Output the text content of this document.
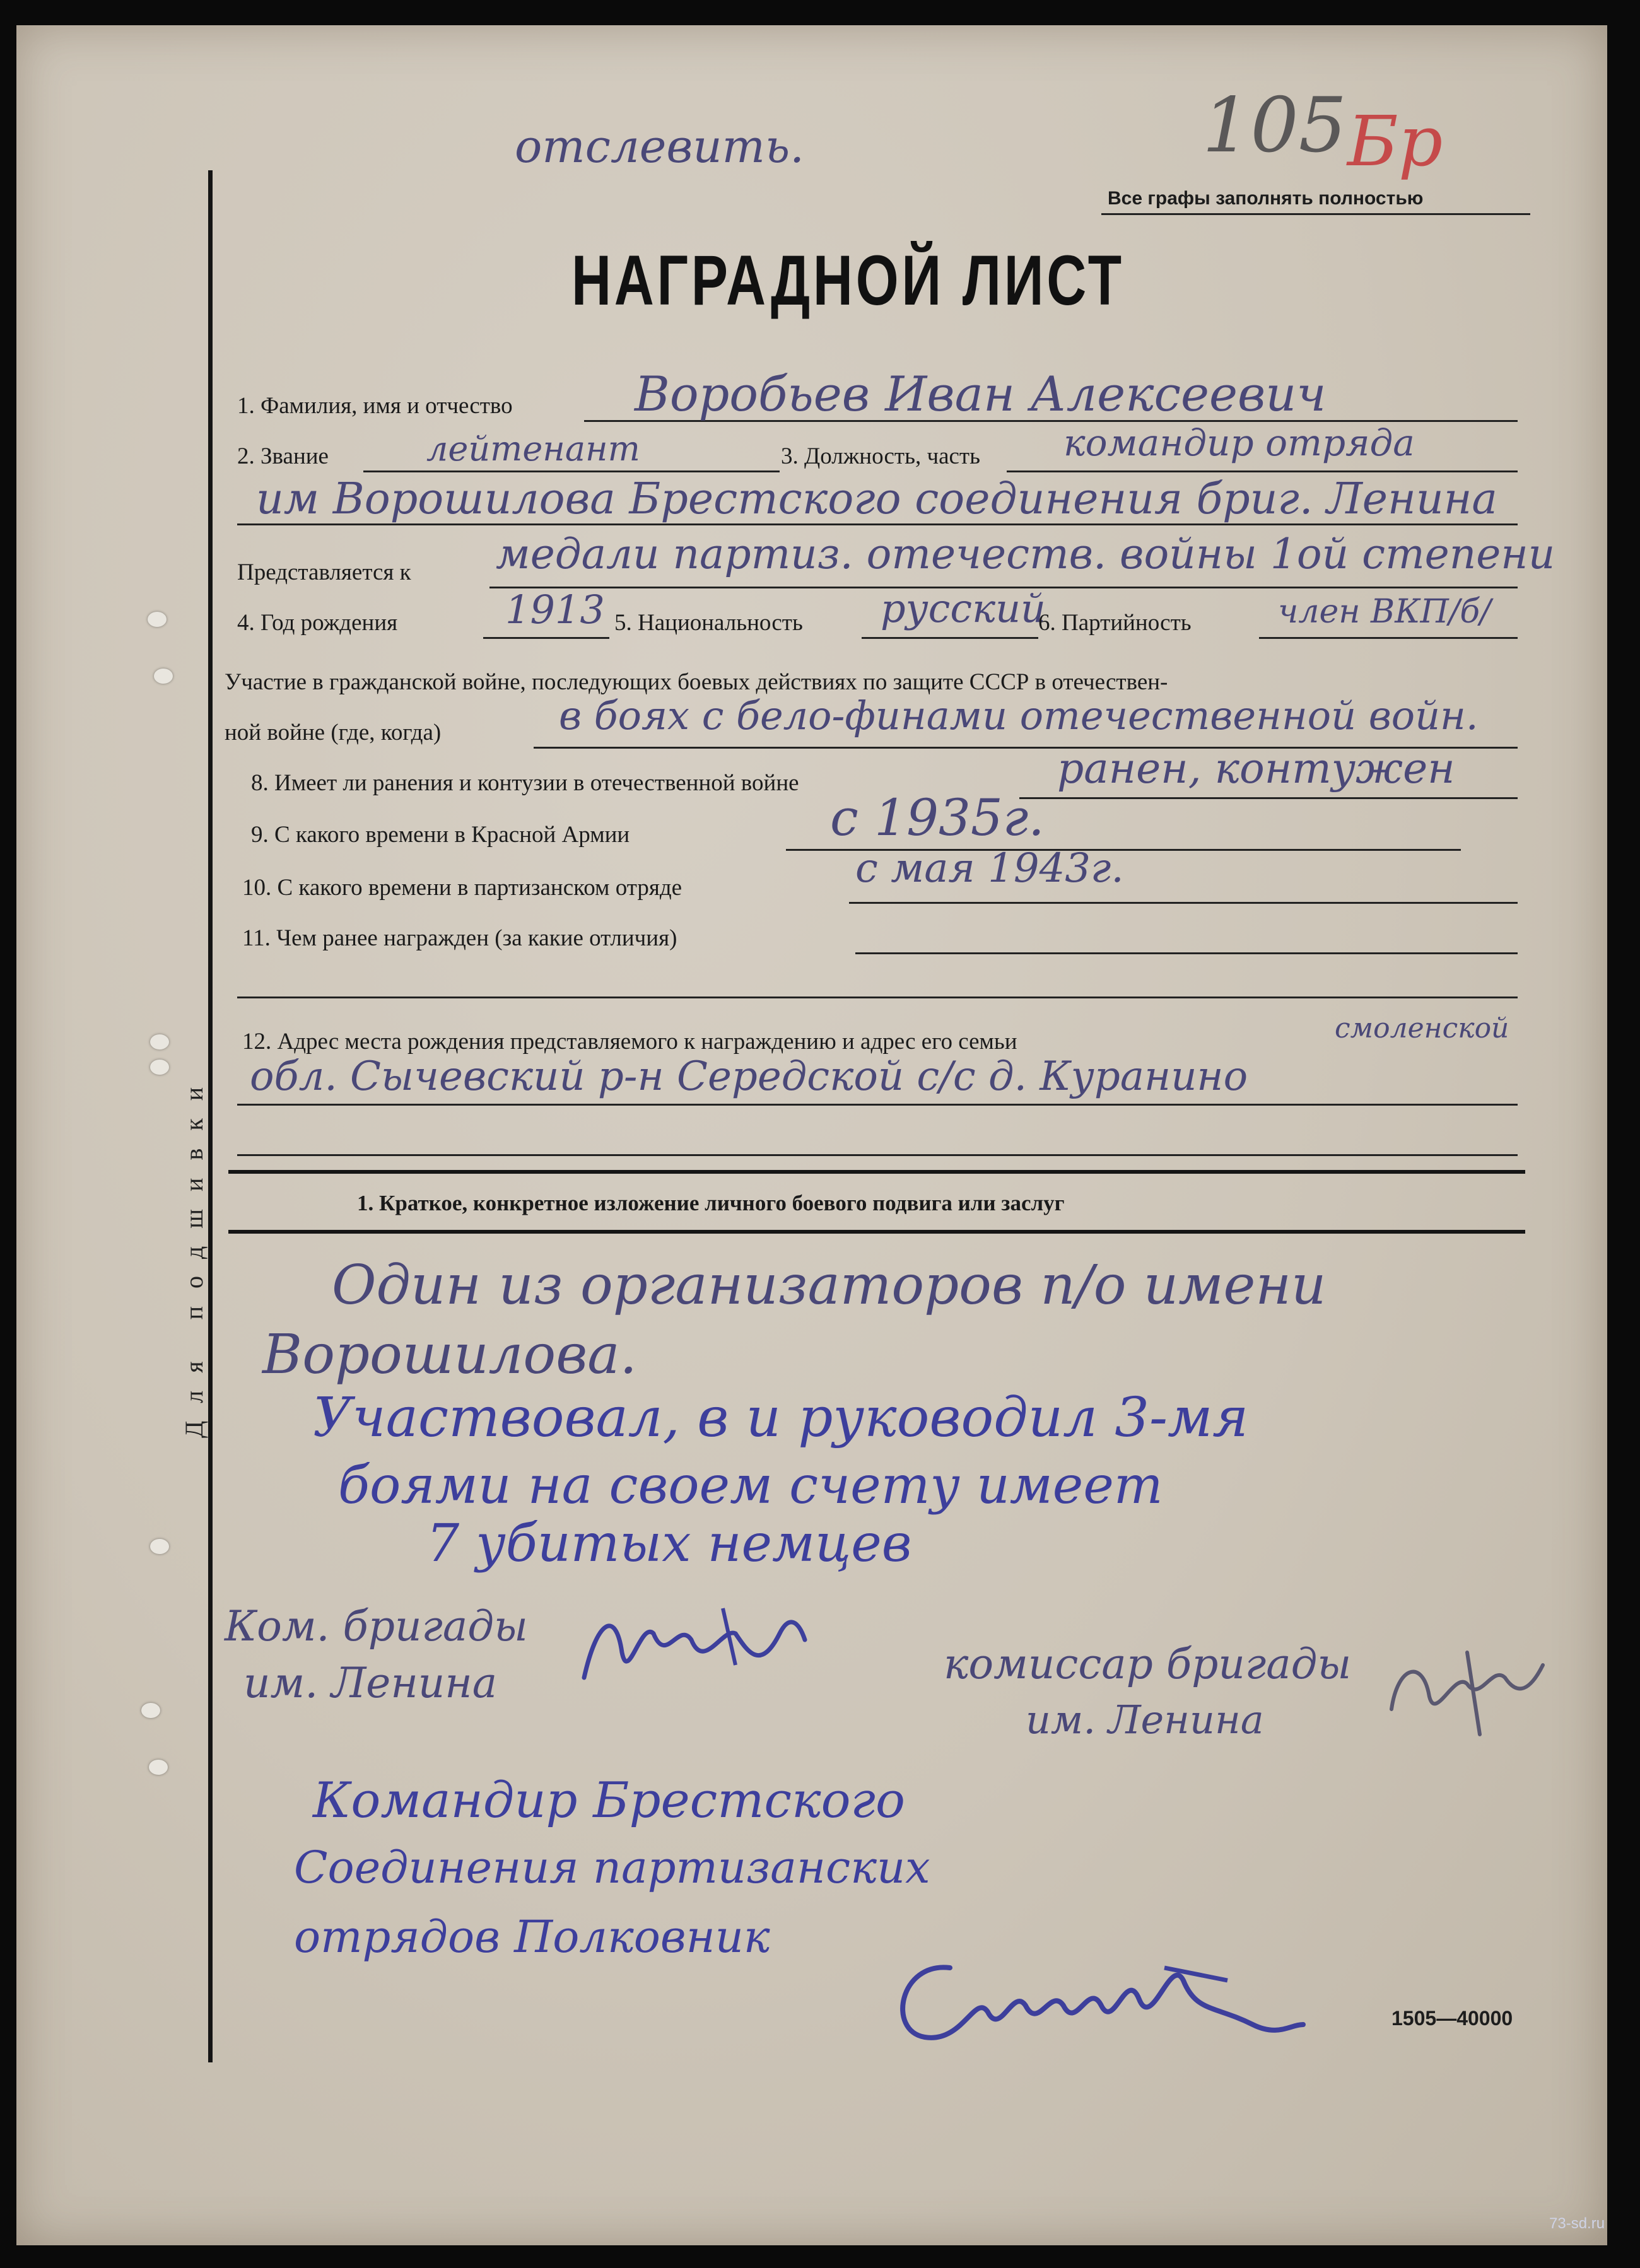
Для подшивки
отслевить.	105 Бр
Все графы заполнять полностью
НАГРАДНОЙ ЛИСТ
1. Фамилия, имя и отчество	Воробьев Иван Алексеевич
2. Звание	лейтенант	3. Должность, часть командир отряда
им Ворошилова Брестского соединения бриг. Ленина
Представляется к медали партиз. отечеств. войны 1ой степени
4. Год рождения	1913 5. Национальность русский
6. Партийность	член ВКП/б/
Участие в гражданской войне, последующих боевых действиях по защите СССР в отечествен-
ной войне (где, когда)	в боях с бело-финами отечественной войн.
8. Имеет ли ранения и контузии в отечественной войне	ранен, контужен
9. С какого времени в Красной Армии	с 1935г.
10. С какого времени в партизанском отряде	с мая 1943г.
11. Чем ранее награжден (за какие отличия)
12. Адрес места рождения представляемого к награждению и адрес его семьи	смоленской
обл. Сычевский р-н Середской с/с д. Куранино
1. Краткое, конкретное изложение личного боевого подвига или заслуг
Один из организаторов п/о имени
Ворошилова.
Участвовал, в и руководил 3-мя
боями на своем счету имеет
7 убитых немцев
Ком. бригады
им. Ленина	комиссар бригады
им. Ленина
Командир Брестского
Соединения партизанских
отрядов Полковник
1505—40000
73-sd.ru
